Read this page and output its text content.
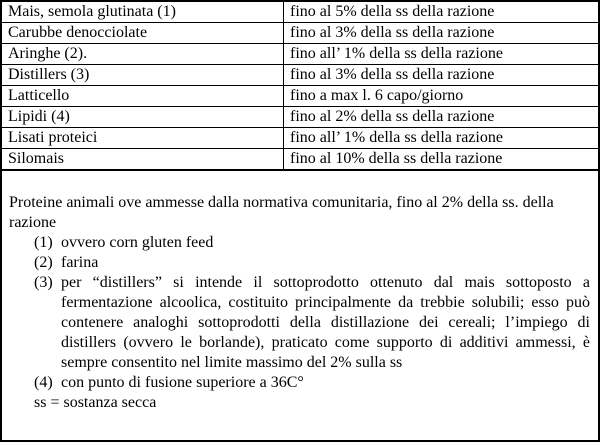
Mais, semola glutinata (1)	fino al 5% della ss della razione
Carubbe denocciolate	fino al 3% della ss della razione
Aringhe (2).	fino all’ 1% della ss della razione
Distillers (3)	fino al 3% della ss della razione
Latticello	fino a max l. 6 capo/giorno
Lipidi (4)	fino al 2% della ss della razione
Lisati proteici	fino all’ 1% della ss della razione
Silomais	fino al 10% della ss della razione

Proteine animali ove ammesse dalla normativa comunitaria, fino al 2% della ss. della razione

(1) ovvero corn gluten feed
(2) farina
(3) per “distillers” si intende il sottoprodotto ottenuto dal mais sottoposto a fermentazione alcoolica, costituito principalmente da trebbie solubili; esso può contenere analoghi sottoprodotti della distillazione dei cereali; l’impiego di distillers (ovvero le borlande), praticato come supporto di additivi ammessi, è sempre consentito nel limite massimo del 2% sulla ss
(4) con punto di fusione superiore a 36C°
ss = sostanza secca
